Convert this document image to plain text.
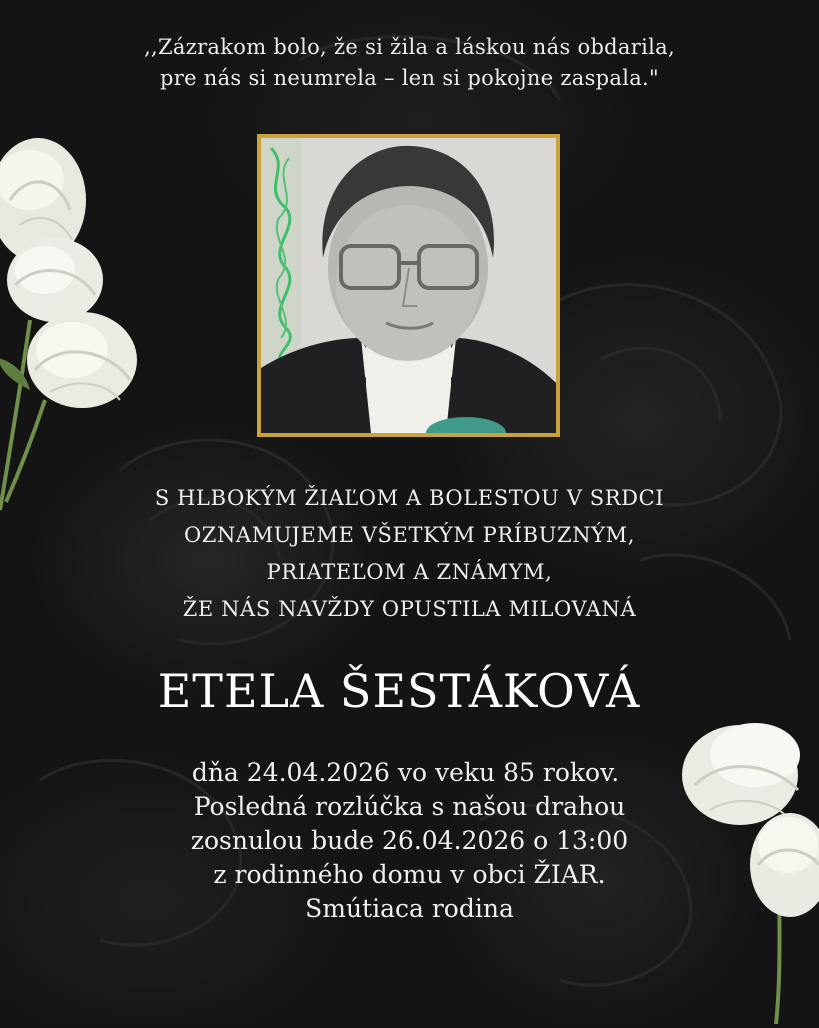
,,Zázrakom bolo, že si žila a láskou nás obdarila,
pre nás si neumrela – len si pokojne zaspala."
S HLBOKÝM ŽIAĽOM A BOLESTOU V SRDCI
OZNAMUJEME VŠETKÝM PRÍBUZNÝM,
PRIATEĽOM A ZNÁMYM,
ŽE NÁS NAVŽDY OPUSTILA MILOVANÁ
ETELA ŠESTÁKOVÁ
dňa 24.04.2026 vo veku 85 rokov.
Posledná rozlúčka s našou drahou
zosnulou bude 26.04.2026 o 13:00
z rodinného domu v obci ŽIAR.
Smútiaca rodina
